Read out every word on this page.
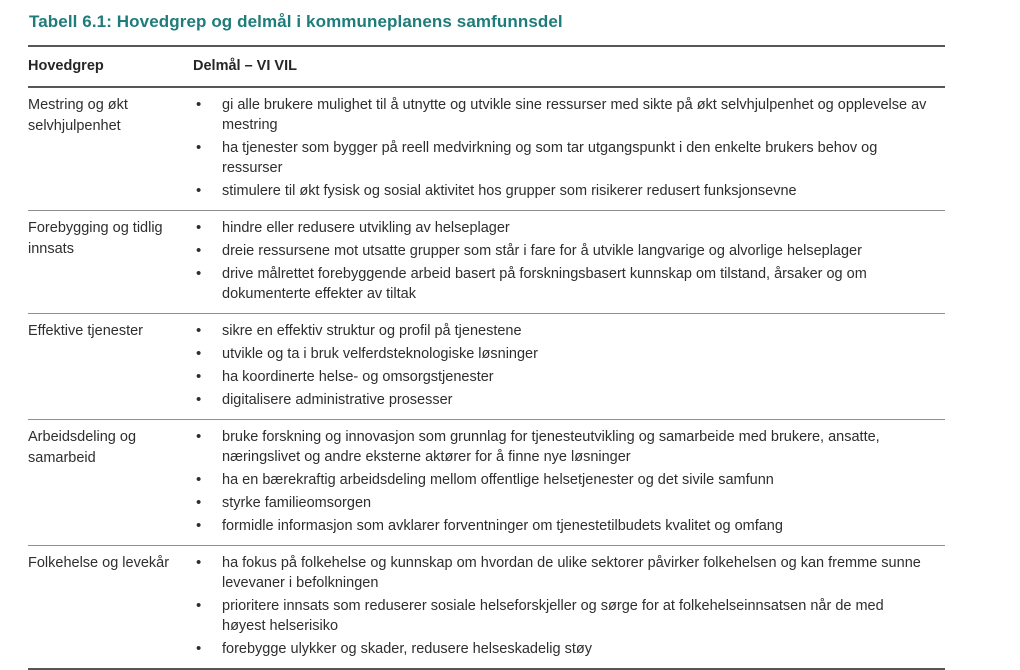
Tabell 6.1: Hovedgrep og delmål i kommuneplanens samfunnsdel
Hovedgrep	Delmål – VI VIL
Mestring og økt selvhjulpenhet	
• gi alle brukere mulighet til å utnytte og utvikle sine ressurser med sikte på økt selvhjulpenhet og opplevelse av mestring
• ha tjenester som bygger på reell medvirkning og som tar utgangspunkt i den enkelte brukers behov og ressurser
• stimulere til økt fysisk og sosial aktivitet hos grupper som risikerer redusert funksjonsevne

Forebygging og tidlig innsats	
• hindre eller redusere utvikling av helseplager
• dreie ressursene mot utsatte grupper som står i fare for å utvikle langvarige og alvorlige helseplager
• drive målrettet forebyggende arbeid basert på forskningsbasert kunnskap om tilstand, årsaker og om dokumenterte effekter av tiltak

Effektive tjenester	
•sikre en effektiv struktur og profil på tjenestene
• utvikle og ta i bruk velferdsteknologiske løsninger
• ha koordinerte helse- og omsorgstjenester
• digitalisere administrative prosesser

Arbeidsdeling og samarbeid	
• bruke forskning og innovasjon som grunnlag for tjenesteutvikling og samarbeide med brukere, ansatte, næringslivet og andre eksterne aktører for å finne nye løsninger
• ha en bærekraftig arbeidsdeling mellom offentlige helsetjenester og det sivile samfunn
• styrke familieomsorgen
• formidle informasjon som avklarer forventninger om tjenestetilbudets kvalitet og omfang

Folkehelse og levekår	
•ha fokus på folkehelse og kunnskap om hvordan de ulike sektorer påvirker folkehelsen og kan fremme sunne levevaner i befolkningen
• prioritere innsats som reduserer sosiale helseforskjeller og sørge for at folkehelseinnsatsen når de med høyest helserisiko
• forebygge ulykker og skader, redusere helseskadelig støy
